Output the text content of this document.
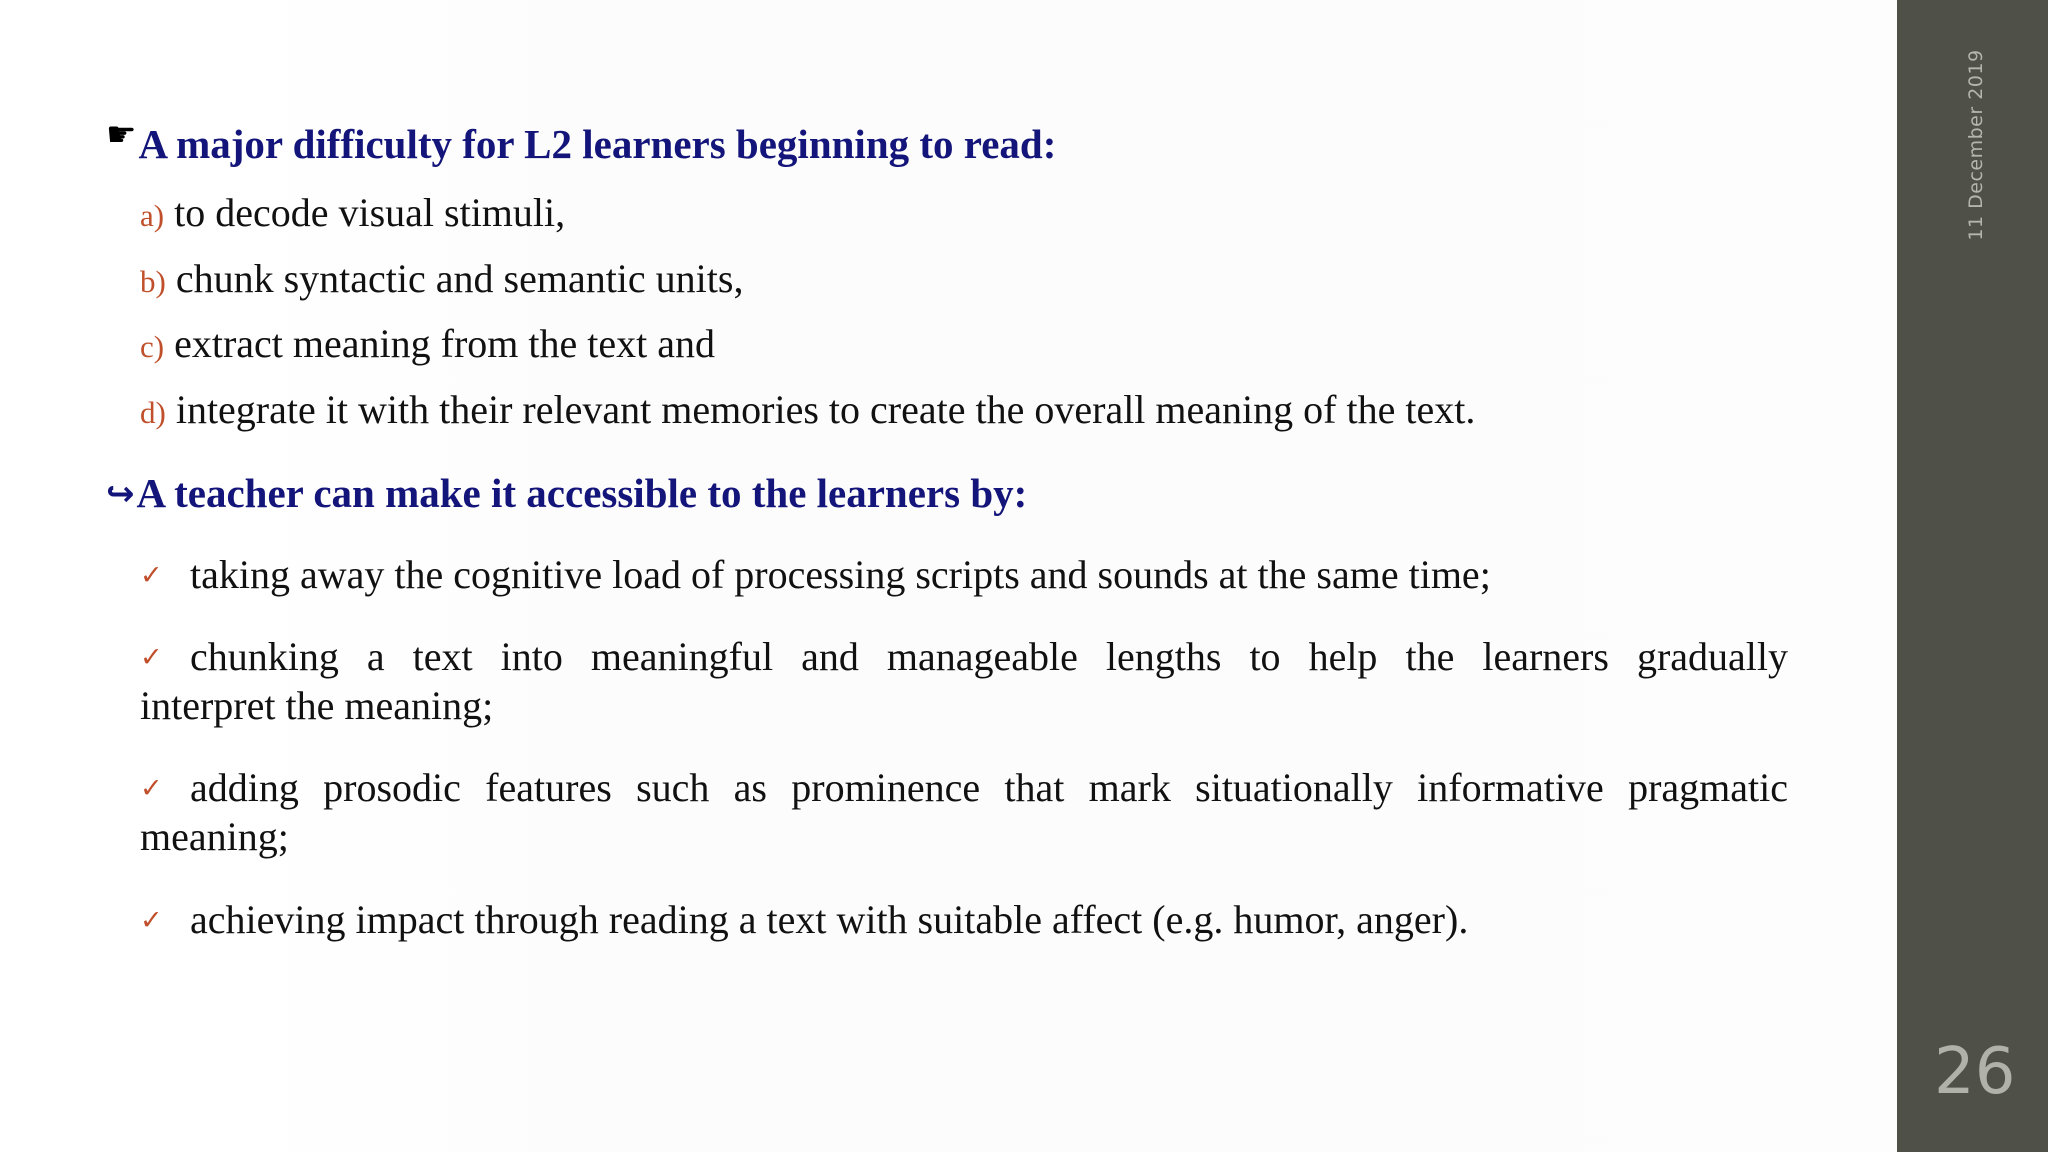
11 December 2019
26
☛A major difficulty for L2 learners beginning to read:
a) to decode visual stimuli,
b) chunk syntactic and semantic units,
c) extract meaning from the text and
d) integrate it with their relevant memories to create the overall meaning of the text.
↪A teacher can make it accessible to the learners by:
✓ taking away the cognitive load of processing scripts and sounds at the same time;
✓ chunking a text into meaningful and manageable lengths to help the learners gradually
interpret the meaning;
✓ adding prosodic features such as prominence that mark situationally informative pragmatic
meaning;
✓ achieving impact through reading a text with suitable affect (e.g. humor, anger).
